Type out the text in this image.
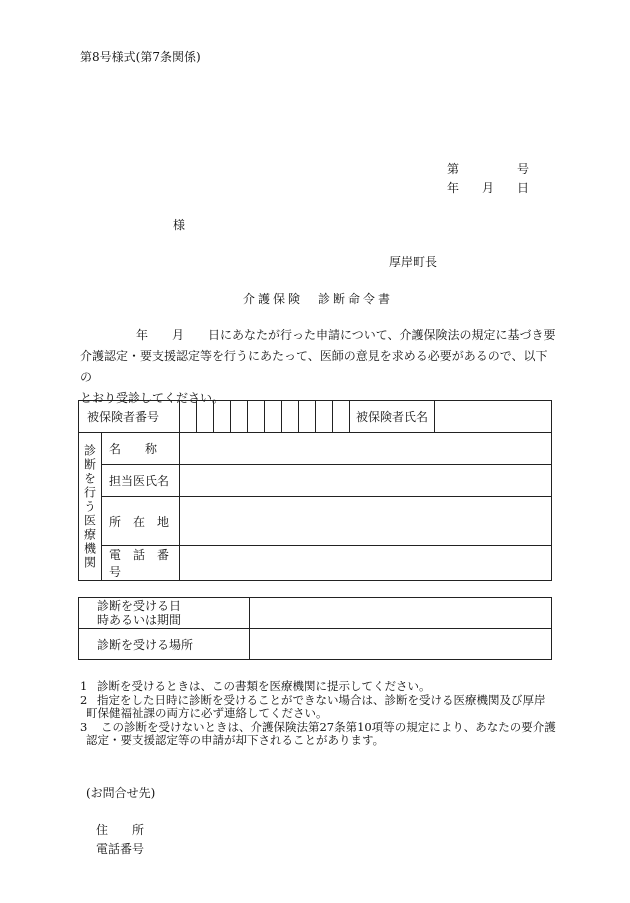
第8号様式(第7条関係)
第	号
年 月 日
様
厚岸町長
介護保険　診断命令書
年 月 日にあなたが行った申請について、介護保険法の規定に基づき要
介護認定・要支援認定等を行うにあたって、医師の意見を求める必要があるので、以下の
とおり受診してください。
被保険者番号												被保険者氏名	

診断を行う医療機関	名　　称												
	担当医氏名												
	所　在　地												
	電　話　番　号												
診断を受ける日
時あるいは期間	

診断を受ける場所	
1 診断を受けるときは、この書類を医療機関に提示してください。
2 指定をした日時に診断を受けることができない場合は、診断を受ける医療機関及び厚岸
町保健福祉課の両方に必ず連絡してください。
3 この診断を受けないときは、介護保険法第27条第10項等の規定により、あなたの要介護
認定・要支援認定等の申請が却下されることがあります。
(お問合せ先)
住　　所
電話番号
